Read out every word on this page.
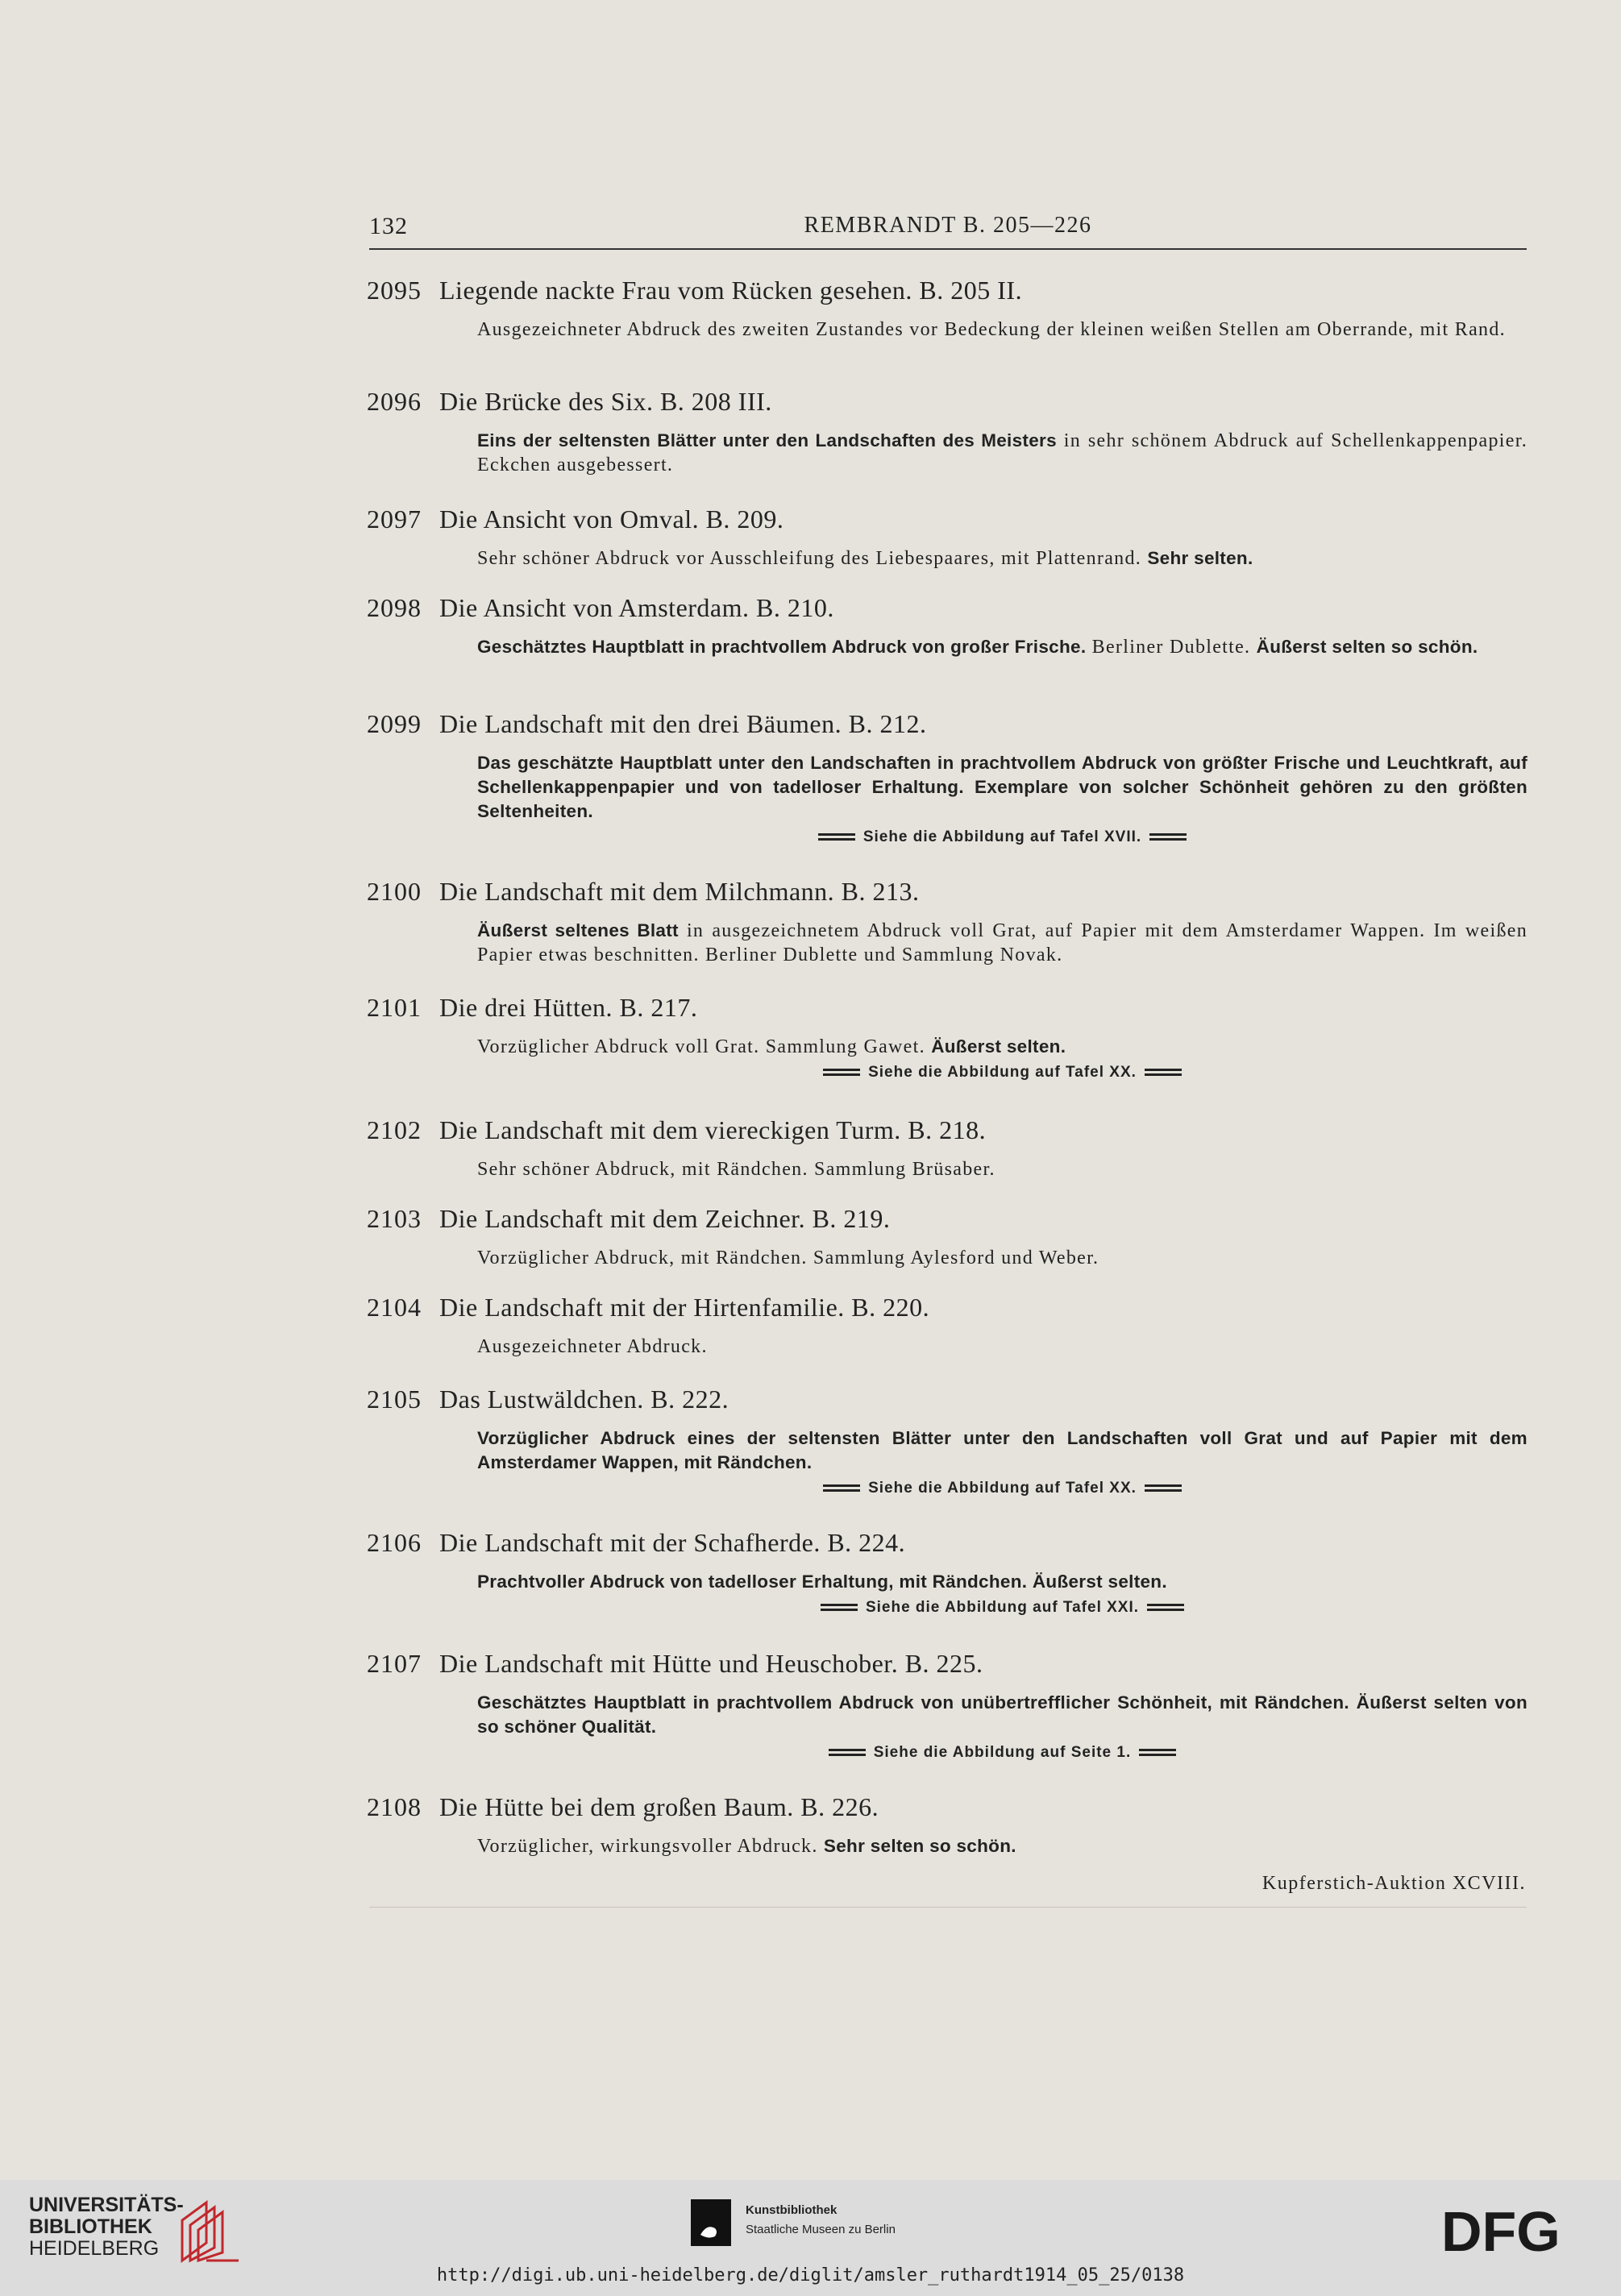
132	REMBRANDT B. 205—226
2095 Liegende nackte Frau vom Rücken gesehen. B. 205 II.
Ausgezeichneter Abdruck des zweiten Zustandes vor Bedeckung der kleinen weißen Stellen am Oberrande, mit Rand.
2096 Die Brücke des Six. B. 208 III.
Eins der seltensten Blätter unter den Landschaften des Meisters in sehr schönem Abdruck auf Schellenkappenpapier. Eckchen ausgebessert.
2097 Die Ansicht von Omval. B. 209.
Sehr schöner Abdruck vor Ausschleifung des Liebespaares, mit Plattenrand. Sehr selten.
2098 Die Ansicht von Amsterdam. B. 210.
Geschätztes Hauptblatt in prachtvollem Abdruck von großer Frische. Berliner Dublette. Äußerst selten so schön.
2099 Die Landschaft mit den drei Bäumen. B. 212.
Das geschätzte Hauptblatt unter den Landschaften in prachtvollem Abdruck von größter Frische und Leuchtkraft, auf Schellenkappenpapier und von tadelloser Erhaltung. Exemplare von solcher Schönheit gehören zu den größten Seltenheiten.
Siehe die Abbildung auf Tafel XVII.
2100 Die Landschaft mit dem Milchmann. B. 213.
Äußerst seltenes Blatt in ausgezeichnetem Abdruck voll Grat, auf Papier mit dem Amsterdamer Wappen. Im weißen Papier etwas beschnitten. Berliner Dublette und Sammlung Novak.
2101 Die drei Hütten. B. 217.
Vorzüglicher Abdruck voll Grat. Sammlung Gawet. Äußerst selten.
Siehe die Abbildung auf Tafel XX.
2102 Die Landschaft mit dem viereckigen Turm. B. 218.
Sehr schöner Abdruck, mit Rändchen. Sammlung Brüsaber.
2103 Die Landschaft mit dem Zeichner. B. 219.
Vorzüglicher Abdruck, mit Rändchen. Sammlung Aylesford und Weber.
2104 Die Landschaft mit der Hirtenfamilie. B. 220.
Ausgezeichneter Abdruck.
2105 Das Lustwäldchen. B. 222.
Vorzüglicher Abdruck eines der seltensten Blätter unter den Landschaften voll Grat und auf Papier mit dem Amsterdamer Wappen, mit Rändchen.
Siehe die Abbildung auf Tafel XX.
2106 Die Landschaft mit der Schafherde. B. 224.
Prachtvoller Abdruck von tadelloser Erhaltung, mit Rändchen. Äußerst selten.
Siehe die Abbildung auf Tafel XXI.
2107 Die Landschaft mit Hütte und Heuschober. B. 225.
Geschätztes Hauptblatt in prachtvollem Abdruck von unübertrefflicher Schönheit, mit Rändchen. Äußerst selten von so schöner Qualität.
Siehe die Abbildung auf Seite 1.
2108 Die Hütte bei dem großen Baum. B. 226.
Vorzüglicher, wirkungsvoller Abdruck. Sehr selten so schön.
Kupferstich-Auktion XCVIII.
UNIVERSITÄTS-
BIBLIOTHEK
HEIDELBERG
Kunstbibliothek
Staatliche Museen zu Berlin	DFG
http://digi.ub.uni-heidelberg.de/diglit/amsler_ruthardt1914_05_25/0138
